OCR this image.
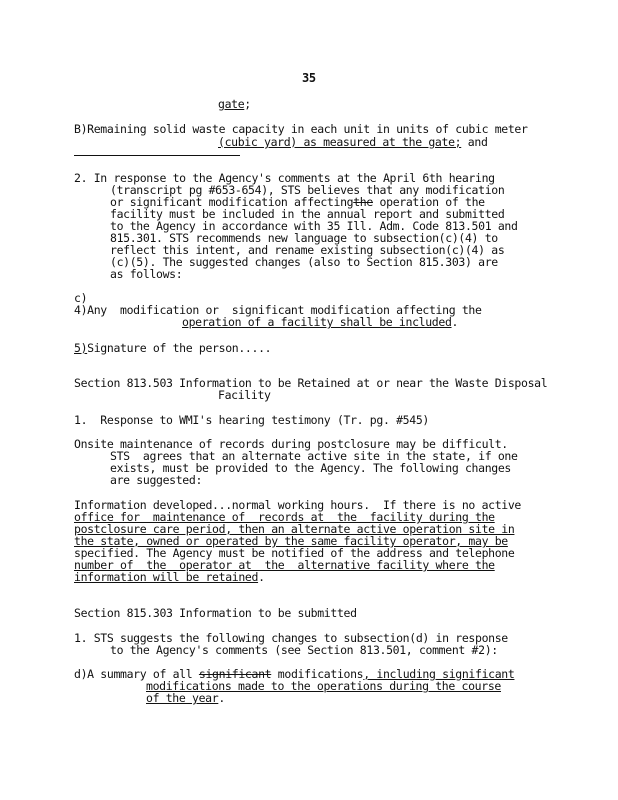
35
gate;
B)Remaining solid waste capacity in each unit in units of cubic meter
(cubic yard) as measured at the gate; and
2. In response to the Agency's comments at the April 6th hearing
(transcript pg #653-654), STS believes that any modification
or significant modification affectingthe operation of the
facility must be included in the annual report and submitted
to the Agency in accordance with 35 Ill. Adm. Code 813.501 and
815.301. STS recommends new language to subsection(c)(4) to
reflect this intent, and rename existing subsection(c)(4) as
(c)(5). The suggested changes (also to Section 815.303) are
as follows:
c)
4)Any  modification or  significant modification affecting the
operation of a facility shall be included.
5)Signature of the person.....
Section 813.503 Information to be Retained at or near the Waste Disposal
Facility
1.  Response to WMI's hearing testimony (Tr. pg. #545)
Onsite maintenance of records during postclosure may be difficult.
STS  agrees that an alternate active site in the state, if one
exists, must be provided to the Agency. The following changes
are suggested:
Information developed...normal working hours.  If there is no active
office for  maintenance of  records at  the  facility during the
postclosure care period, then an alternate active operation site in
the state, owned or operated by the same facility operator, may be
specified. The Agency must be notified of the address and telephone
number of  the  operator at  the  alternative facility where the
information will be retained.
Section 815.303 Information to be submitted
1. STS suggests the following changes to subsection(d) in response
to the Agency's comments (see Section 813.501, comment #2):
d)A summary of all significant modifications, including significant
modifications made to the operations during the course
of the year.
